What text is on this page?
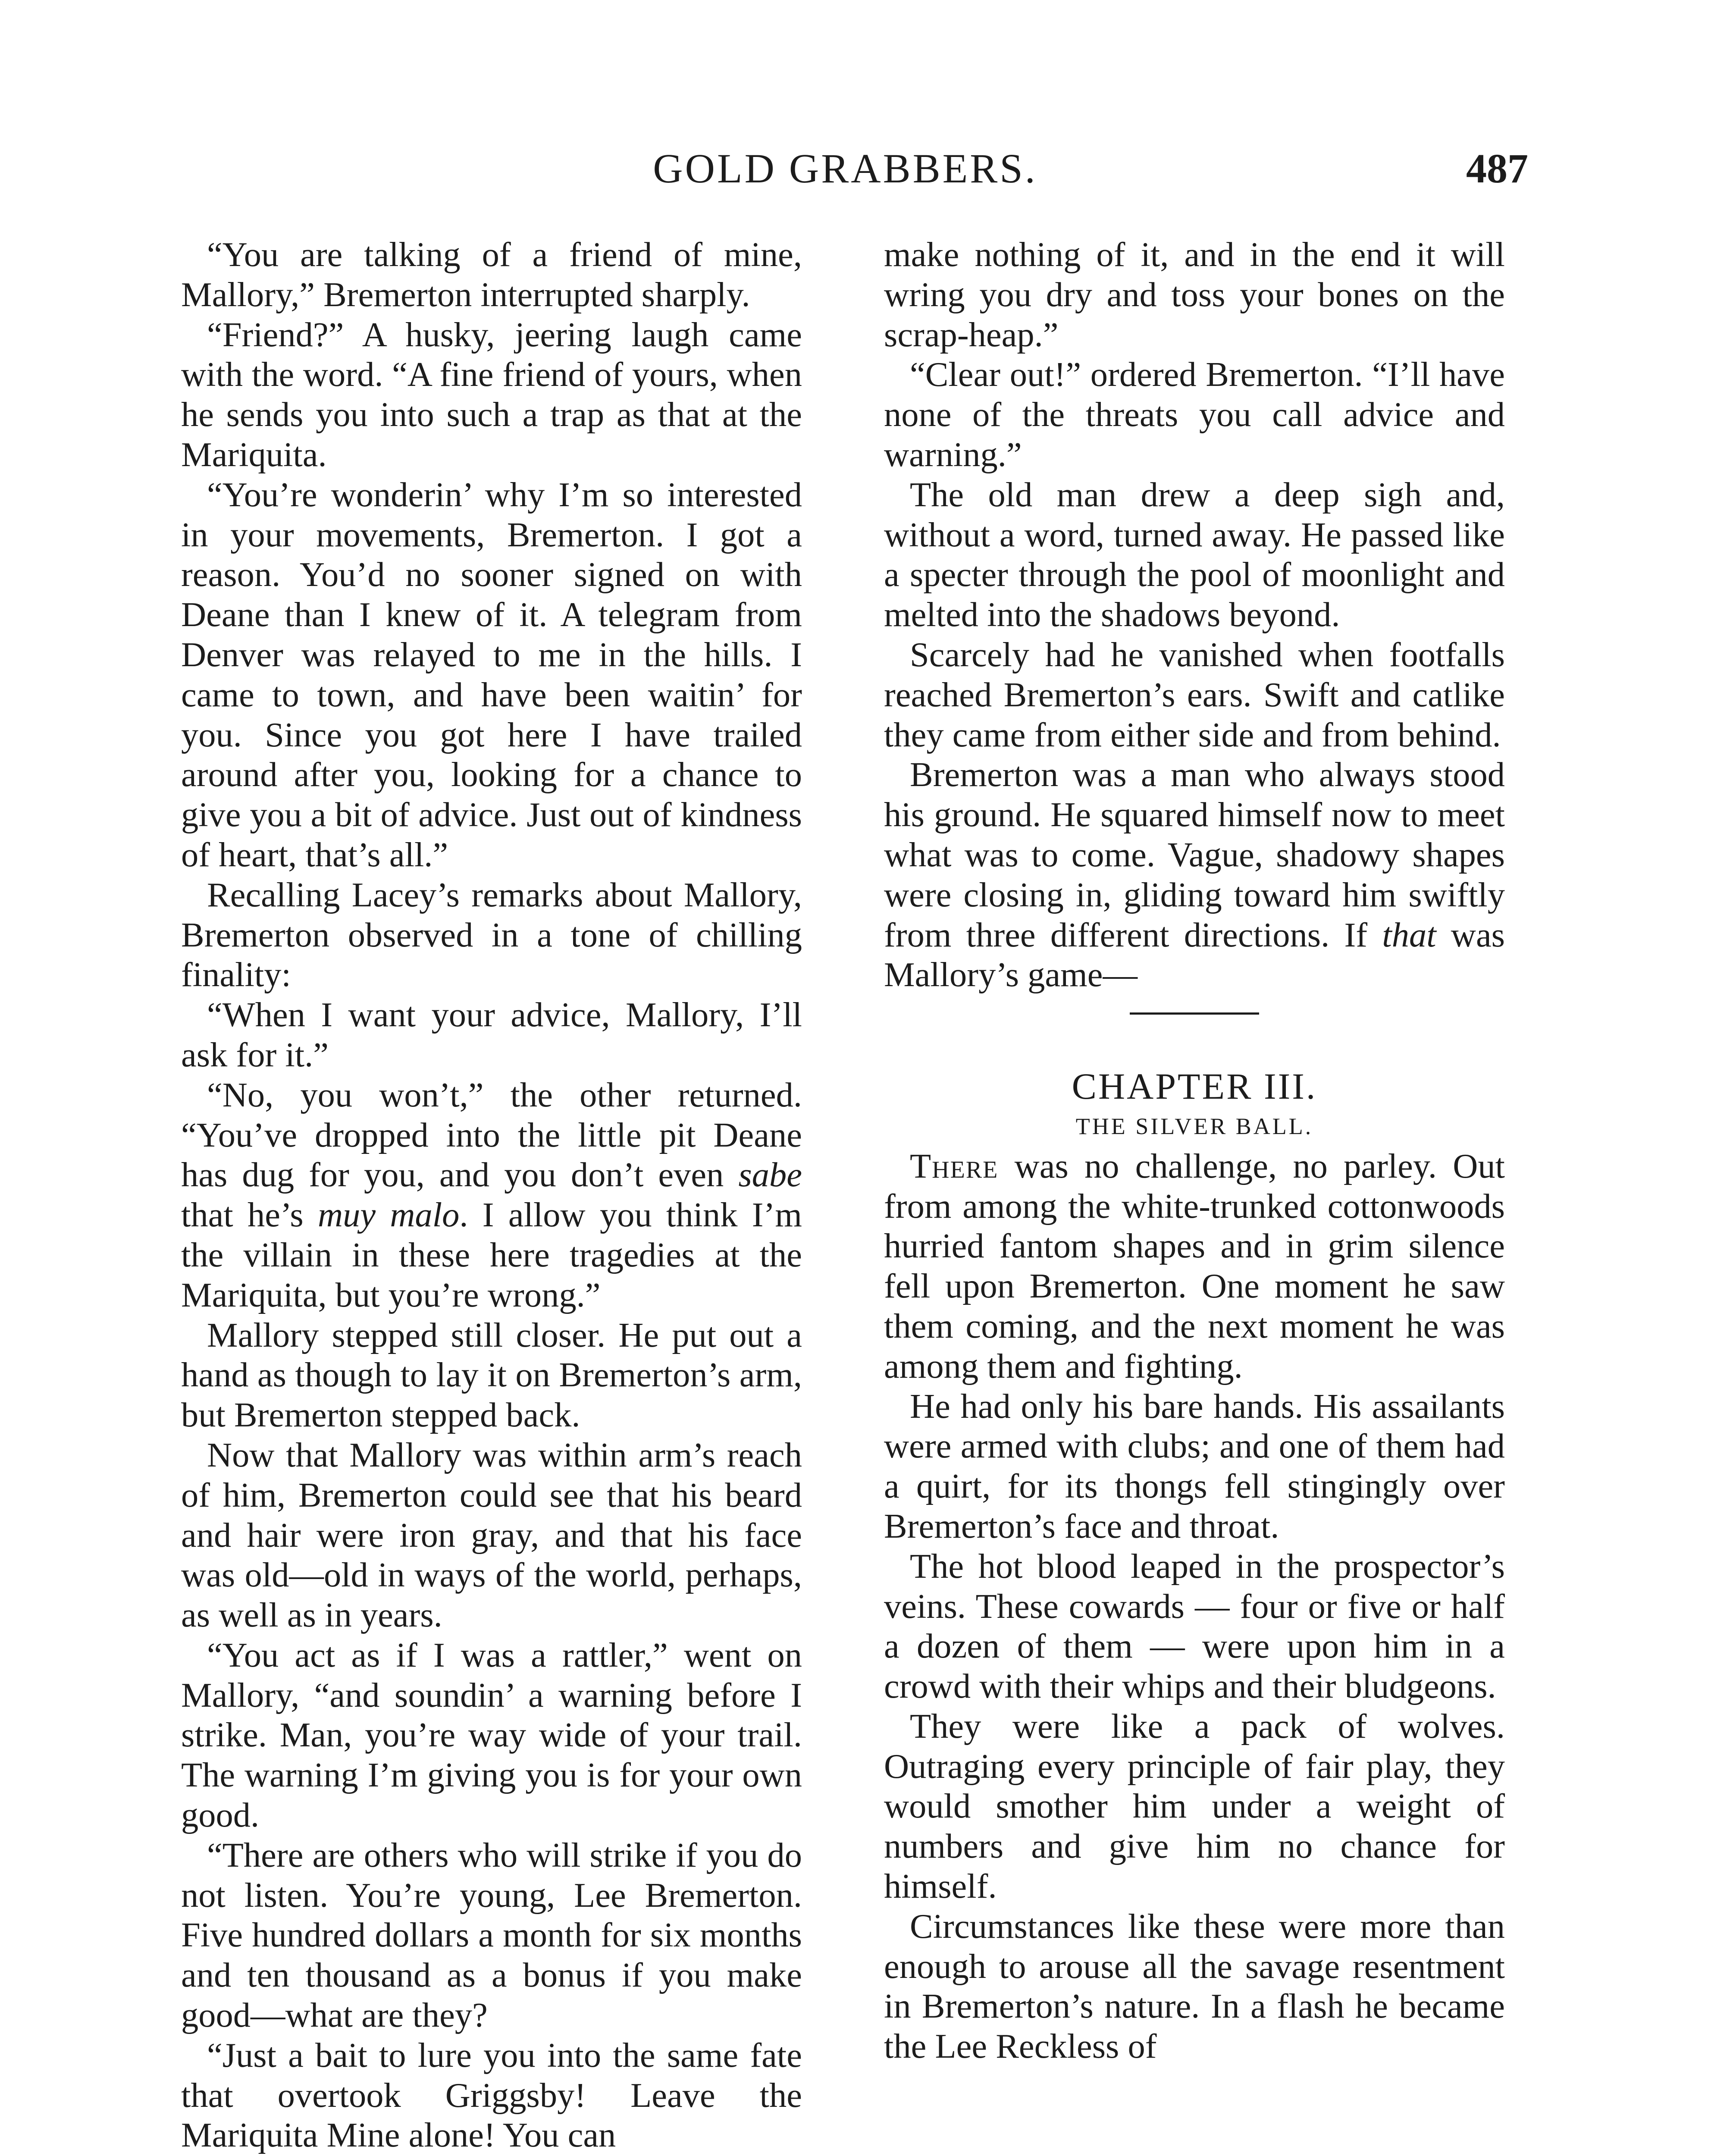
GOLD GRABBERS.	487

“You are talking of a friend of mine, Mallory,” Bremerton interrupted sharply.

“Friend?” A husky, jeering laugh came with the word. “A fine friend of yours, when he sends you into such a trap as that at the Mariquita.

“You’re wonderin’ why I’m so interested in your movements, Bremerton. I got a reason. You’d no sooner signed on with Deane than I knew of it. A telegram from Denver was relayed to me in the hills. I came to town, and have been waitin’ for you. Since you got here I have trailed around after you, looking for a chance to give you a bit of advice. Just out of kindness of heart, that’s all.”

Recalling Lacey’s remarks about Mallory, Bremerton observed in a tone of chilling finality:

“When I want your advice, Mallory, I’ll ask for it.”

“No, you won’t,” the other returned. “You’ve dropped into the little pit Deane has dug for you, and you don’t even sabe that he’s muy malo. I allow you think I’m the villain in these here tragedies at the Mariquita, but you’re wrong.”

Mallory stepped still closer. He put out a hand as though to lay it on Bremerton’s arm, but Bremerton stepped back.

Now that Mallory was within arm’s reach of him, Bremerton could see that his beard and hair were iron gray, and that his face was old—old in ways of the world, perhaps, as well as in years.

“You act as if I was a rattler,” went on Mallory, “and soundin’ a warning before I strike. Man, you’re way wide of your trail. The warning I’m giving you is for your own good.

“There are others who will strike if you do not listen. You’re young, Lee Bremerton. Five hundred dollars a month for six months and ten thousand as a bonus if you make good—what are they?

“Just a bait to lure you into the same fate that overtook Griggsby! Leave the Mariquita Mine alone! You can

make nothing of it, and in the end it will wring you dry and toss your bones on the scrap-heap.”

“Clear out!” ordered Bremerton. “I’ll have none of the threats you call advice and warning.”

The old man drew a deep sigh and, without a word, turned away. He passed like a specter through the pool of moonlight and melted into the shadows beyond.

Scarcely had he vanished when footfalls reached Bremerton’s ears. Swift and catlike they came from either side and from behind.

Bremerton was a man who always stood his ground. He squared himself now to meet what was to come. Vague, shadowy shapes were closing in, gliding toward him swiftly from three different directions. If that was Mallory’s game—

CHAPTER III.

THE SILVER BALL.

There was no challenge, no parley. Out from among the white-trunked cottonwoods hurried fantom shapes and in grim silence fell upon Bremerton. One moment he saw them coming, and the next moment he was among them and fighting.

He had only his bare hands. His assailants were armed with clubs; and one of them had a quirt, for its thongs fell stingingly over Bremerton’s face and throat.

The hot blood leaped in the prospector’s veins. These cowards — four or five or half a dozen of them — were upon him in a crowd with their whips and their bludgeons.

They were like a pack of wolves. Outraging every principle of fair play, they would smother him under a weight of numbers and give him no chance for himself.

Circumstances like these were more than enough to arouse all the savage resentment in Bremerton’s nature. In a flash he became the Lee Reckless of
